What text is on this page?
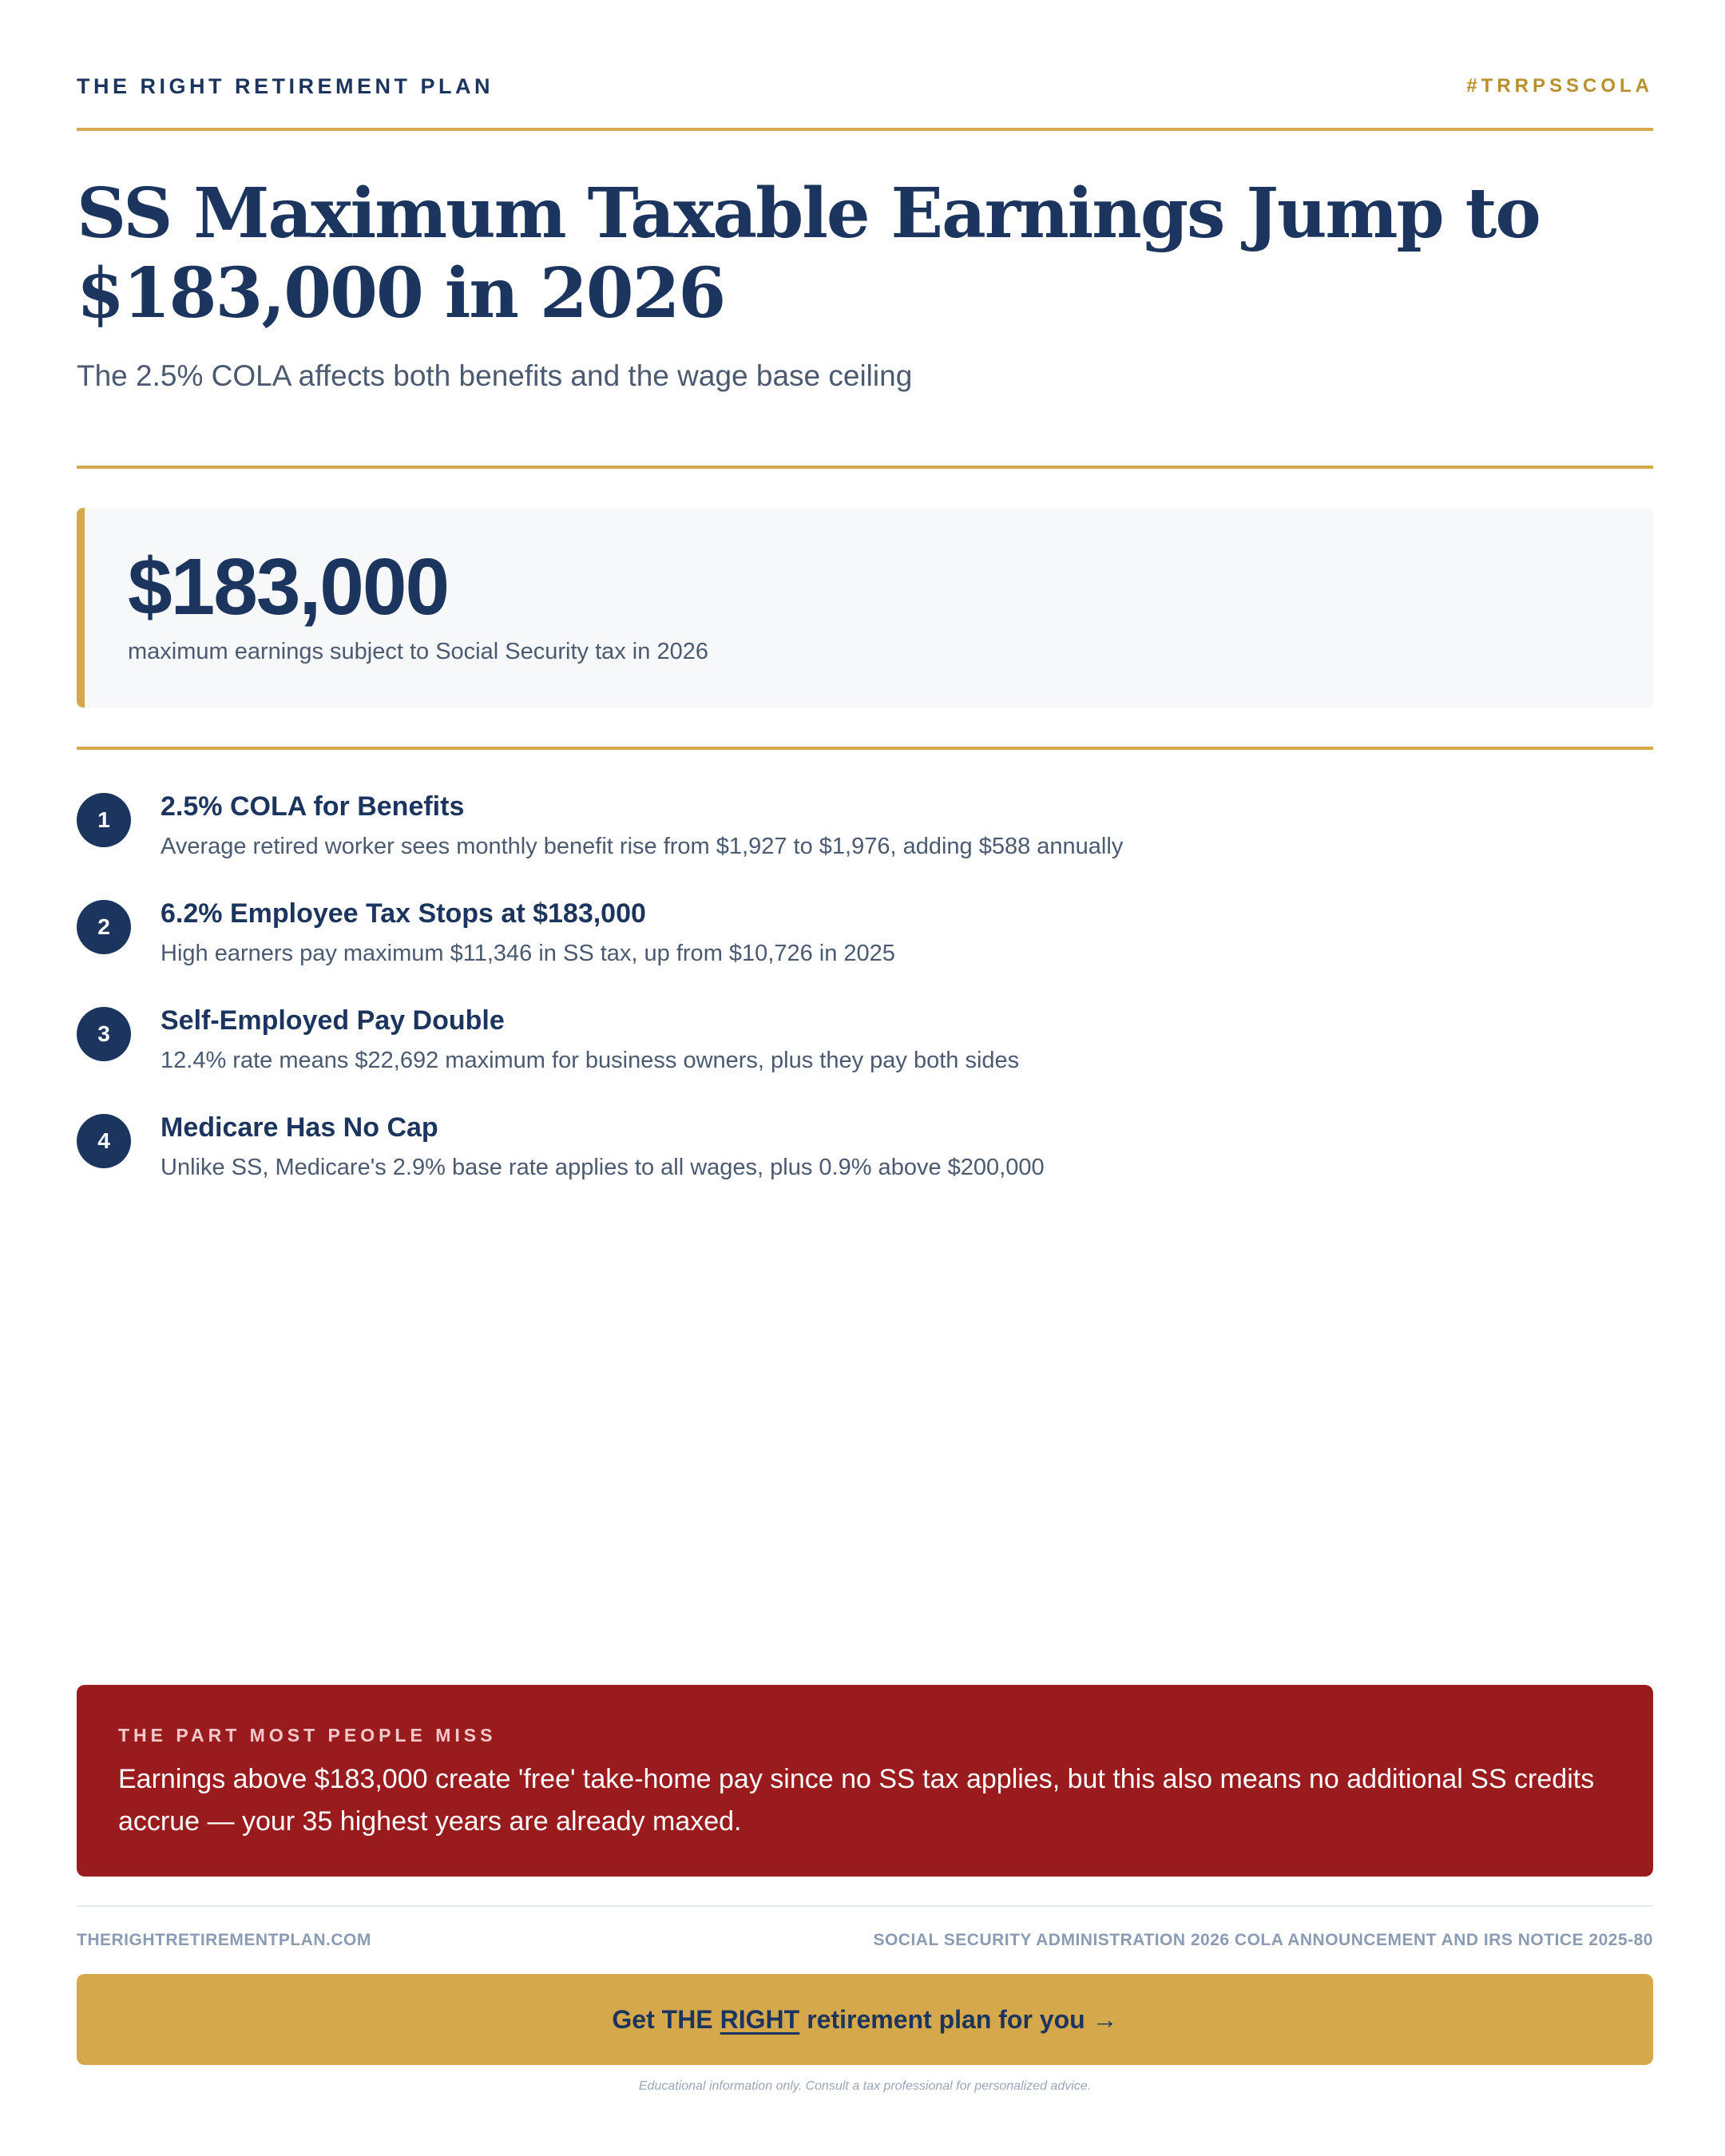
THE RIGHT RETIREMENT PLAN	#TRRPSSCOLA
SS Maximum Taxable Earnings Jump to $183,000 in 2026

The 2.5% COLA affects both benefits and the wage base ceiling

$183,000
maximum earnings subject to Social Security tax in 2026
1	2.5% COLA for Benefits
Average retired worker sees monthly benefit rise from $1,927 to $1,976, adding $588 annually
2	6.2% Employee Tax Stops at $183,000
High earners pay maximum $11,346 in SS tax, up from $10,726 in 2025
3	Self-Employed Pay Double
12.4% rate means $22,692 maximum for business owners, plus they pay both sides
4	Medicare Has No Cap
Unlike SS, Medicare's 2.9% base rate applies to all wages, plus 0.9% above $200,000
THE PART MOST PEOPLE MISS
Earnings above $183,000 create 'free' take-home pay since no SS tax applies, but this also means no additional SS credits accrue — your 35 highest years are already maxed.
THERIGHTRETIREMENTPLAN.COM	SOCIAL SECURITY ADMINISTRATION 2026 COLA ANNOUNCEMENT AND IRS NOTICE 2025-80
Get THE RIGHT retirement plan for you →
Educational information only. Consult a tax professional for personalized advice.
